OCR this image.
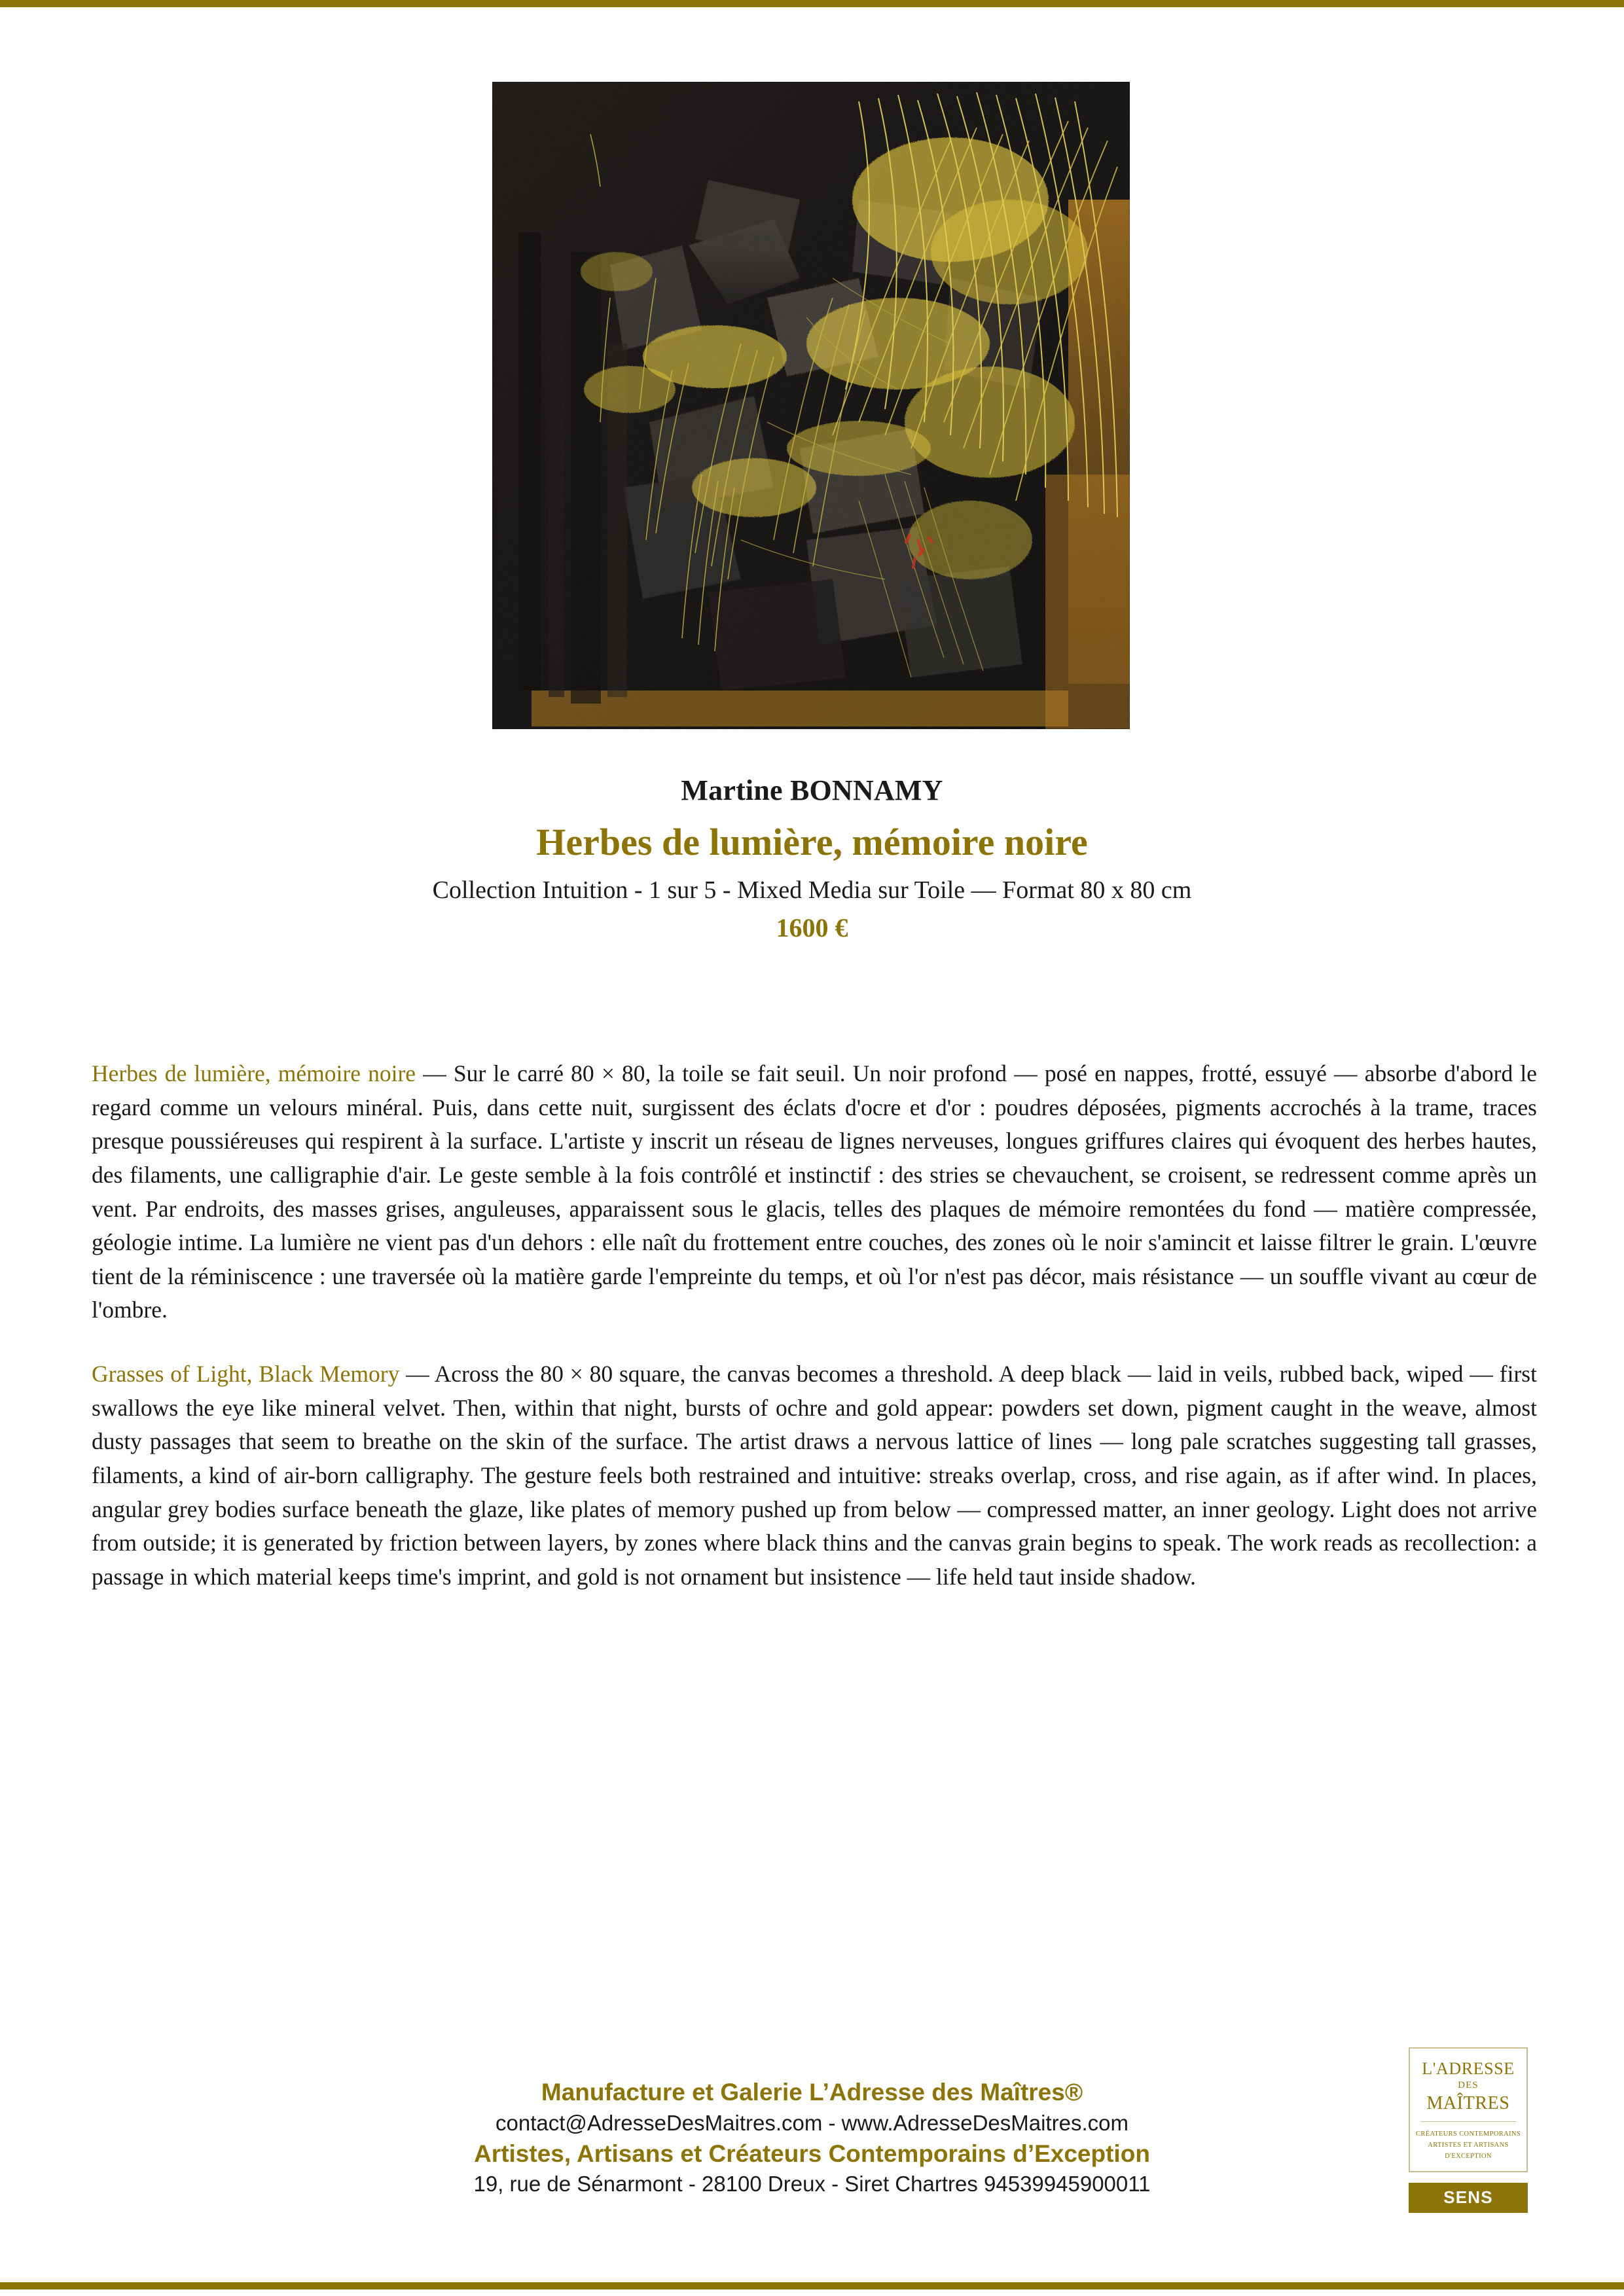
Martine BONNAMY
Herbes de lumière, mémoire noire
Collection Intuition - 1 sur 5 - Mixed Media sur Toile — Format 80 x 80 cm
1600 €

Herbes de lumière, mémoire noire — Sur le carré 80 × 80, la toile se fait seuil. Un noir profond — posé en nappes, frotté, essuyé — absorbe d'abord le regard comme un velours minéral. Puis, dans cette nuit, surgissent des éclats d'ocre et d'or : poudres déposées, pigments accrochés à la trame, traces presque poussiéreuses qui respirent à la surface. L'artiste y inscrit un réseau de lignes nerveuses, longues griffures claires qui évoquent des herbes hautes, des filaments, une calligraphie d'air. Le geste semble à la fois contrôlé et instinctif : des stries se chevauchent, se croisent, se redressent comme après un vent. Par endroits, des masses grises, anguleuses, apparaissent sous le glacis, telles des plaques de mémoire remontées du fond — matière compressée, géologie intime. La lumière ne vient pas d'un dehors : elle naît du frottement entre couches, des zones où le noir s'amincit et laisse filtrer le grain. L'œuvre tient de la réminiscence : une traversée où la matière garde l'empreinte du temps, et où l'or n'est pas décor, mais résistance — un souffle vivant au cœur de l'ombre.

Grasses of Light, Black Memory — Across the 80 × 80 square, the canvas becomes a threshold. A deep black — laid in veils, rubbed back, wiped — first swallows the eye like mineral velvet. Then, within that night, bursts of ochre and gold appear: powders set down, pigment caught in the weave, almost dusty passages that seem to breathe on the skin of the surface. The artist draws a nervous lattice of lines — long pale scratches suggesting tall grasses, filaments, a kind of air-born calligraphy. The gesture feels both restrained and intuitive: streaks overlap, cross, and rise again, as if after wind. In places, angular grey bodies surface beneath the glaze, like plates of memory pushed up from below — compressed matter, an inner geology. Light does not arrive from outside; it is generated by friction between layers, by zones where black thins and the canvas grain begins to speak. The work reads as recollection: a passage in which material keeps time's imprint, and gold is not ornament but insistence — life held taut inside shadow.

Manufacture et Galerie L’Adresse des Maîtres®
contact@AdresseDesMaitres.com - www.AdresseDesMaitres.com
Artistes, Artisans et Créateurs Contemporains d’Exception
19, rue de Sénarmont - 28100 Dreux - Siret Chartres 94539945900011
L'ADRESSE
DES
MAÎTRES
CRÉATEURS CONTEMPORAINS
ARTISTES ET ARTISANS
D'EXCEPTION
SENS
